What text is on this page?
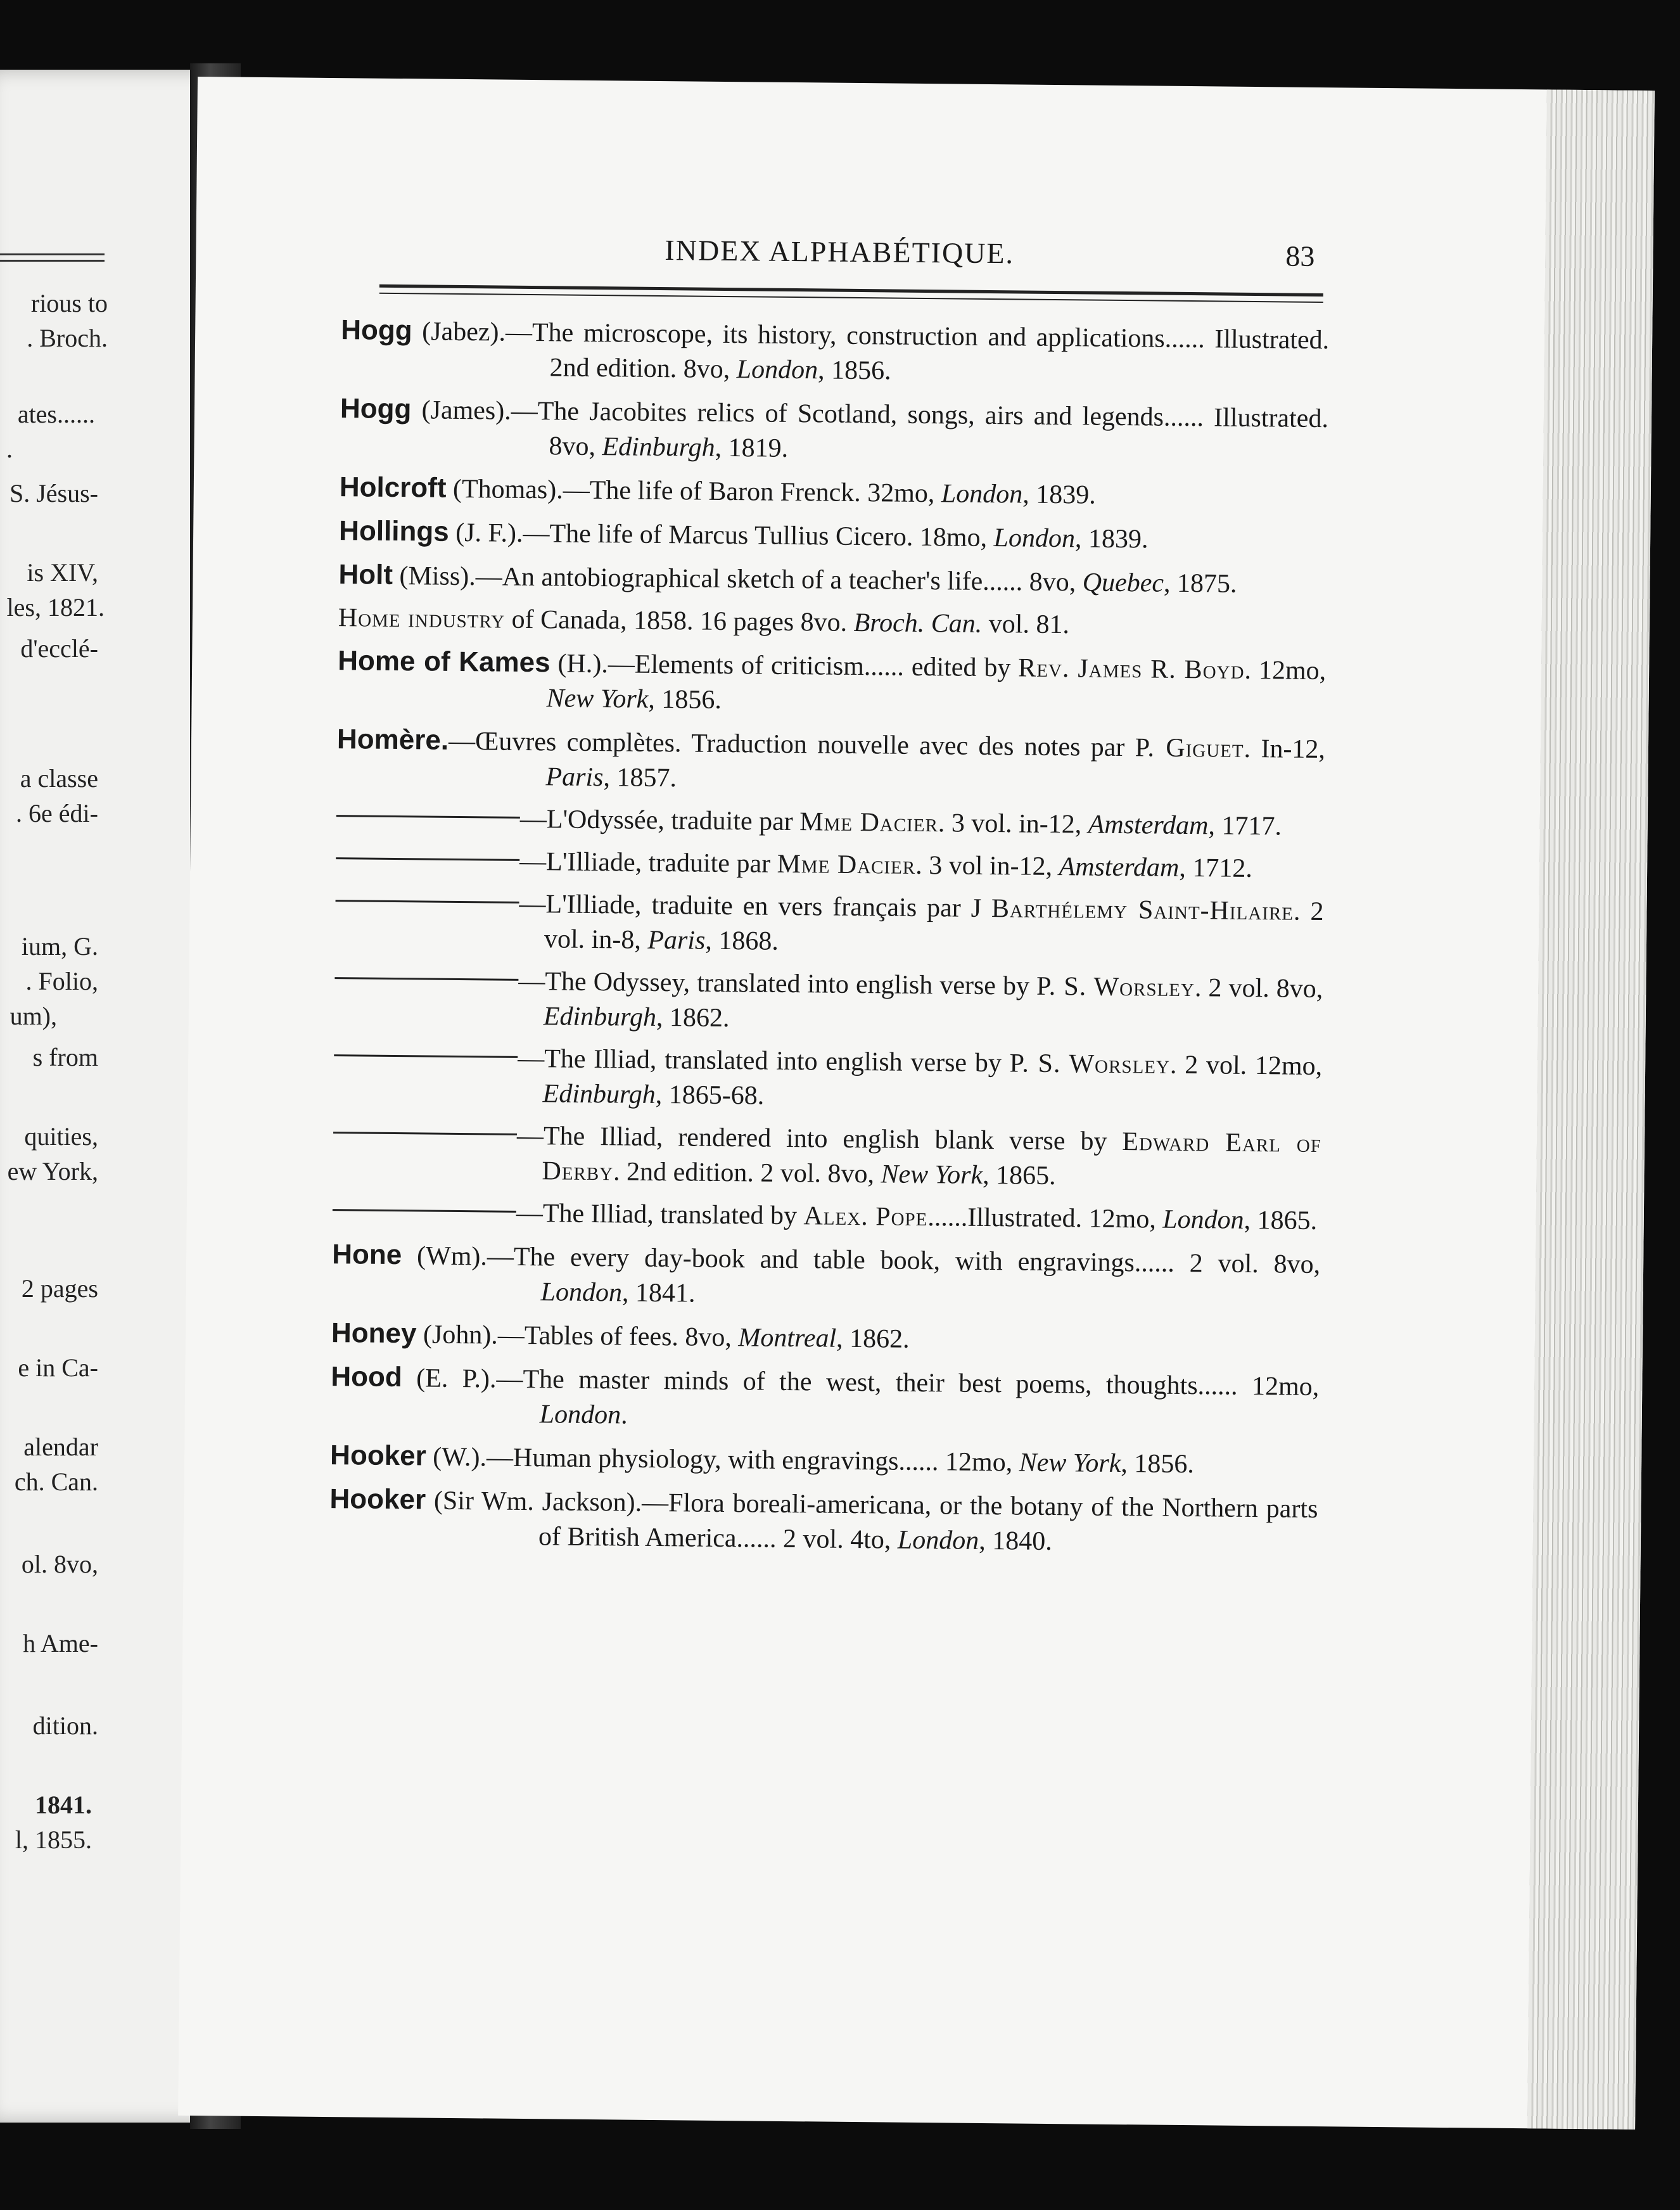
rious to
. Broch.
ates......
.
S. Jésus-
is XIV,
les, 1821.
d'ecclé-
a classe
. 6e édi-
ium, G.
. Folio,
um),
s from
quities,
ew York,
2 pages
e in Ca-
alendar
ch. Can.
ol. 8vo,
h Ame-
dition.
1841.
l, 1855.
INDEX ALPHABÉTIQUE.	83
Hogg (Jabez).—The microscope, its history, construction and applications...... Illustrated. 2nd edition. 8vo, London, 1856.
Hogg (James).—The Jacobites relics of Scotland, songs, airs and legends...... Illustrated. 8vo, Edinburgh, 1819.
Holcroft (Thomas).—The life of Baron Frenck. 32mo, London, 1839.
Hollings (J. F.).—The life of Marcus Tullius Cicero. 18mo, London, 1839.
Holt (Miss).—An antobiographical sketch of a teacher's life...... 8vo, Quebec, 1875.
Home industry of Canada, 1858. 16 pages 8vo. Broch. Can. vol. 81.
Home of Kames (H.).—Elements of criticism...... edited by Rev. James R. Boyd. 12mo, New York, 1856.
Homère.—Œuvres complètes. Traduction nouvelle avec des notes par P. Giguet. In-12, Paris, 1857.
—L'Odyssée, traduite par Mme Dacier. 3 vol. in-12, Amsterdam, 1717.
—L'Illiade, traduite par Mme Dacier. 3 vol in-12, Amsterdam, 1712.
—L'Illiade, traduite en vers français par J Barthélemy Saint-Hilaire. 2 vol. in-8, Paris, 1868.
—The Odyssey, translated into english verse by P. S. Worsley. 2 vol. 8vo, Edinburgh, 1862.
—The Illiad, translated into english verse by P. S. Worsley. 2 vol. 12mo, Edinburgh, 1865-68.
—The Illiad, rendered into english blank verse by Edward Earl of Derby. 2nd edition. 2 vol. 8vo, New York, 1865.
—The Illiad, translated by Alex. Pope......Illustrated. 12mo, London, 1865.
Hone (Wm).—The every day-book and table book, with engravings...... 2 vol. 8vo, London, 1841.
Honey (John).—Tables of fees. 8vo, Montreal, 1862.
Hood (E. P.).—The master minds of the west, their best poems, thoughts...... 12mo, London.
Hooker (W.).—Human physiology, with engravings...... 12mo, New York, 1856.
Hooker (Sir Wm. Jackson).—Flora boreali-americana, or the botany of the Northern parts of British America...... 2 vol. 4to, London, 1840.
